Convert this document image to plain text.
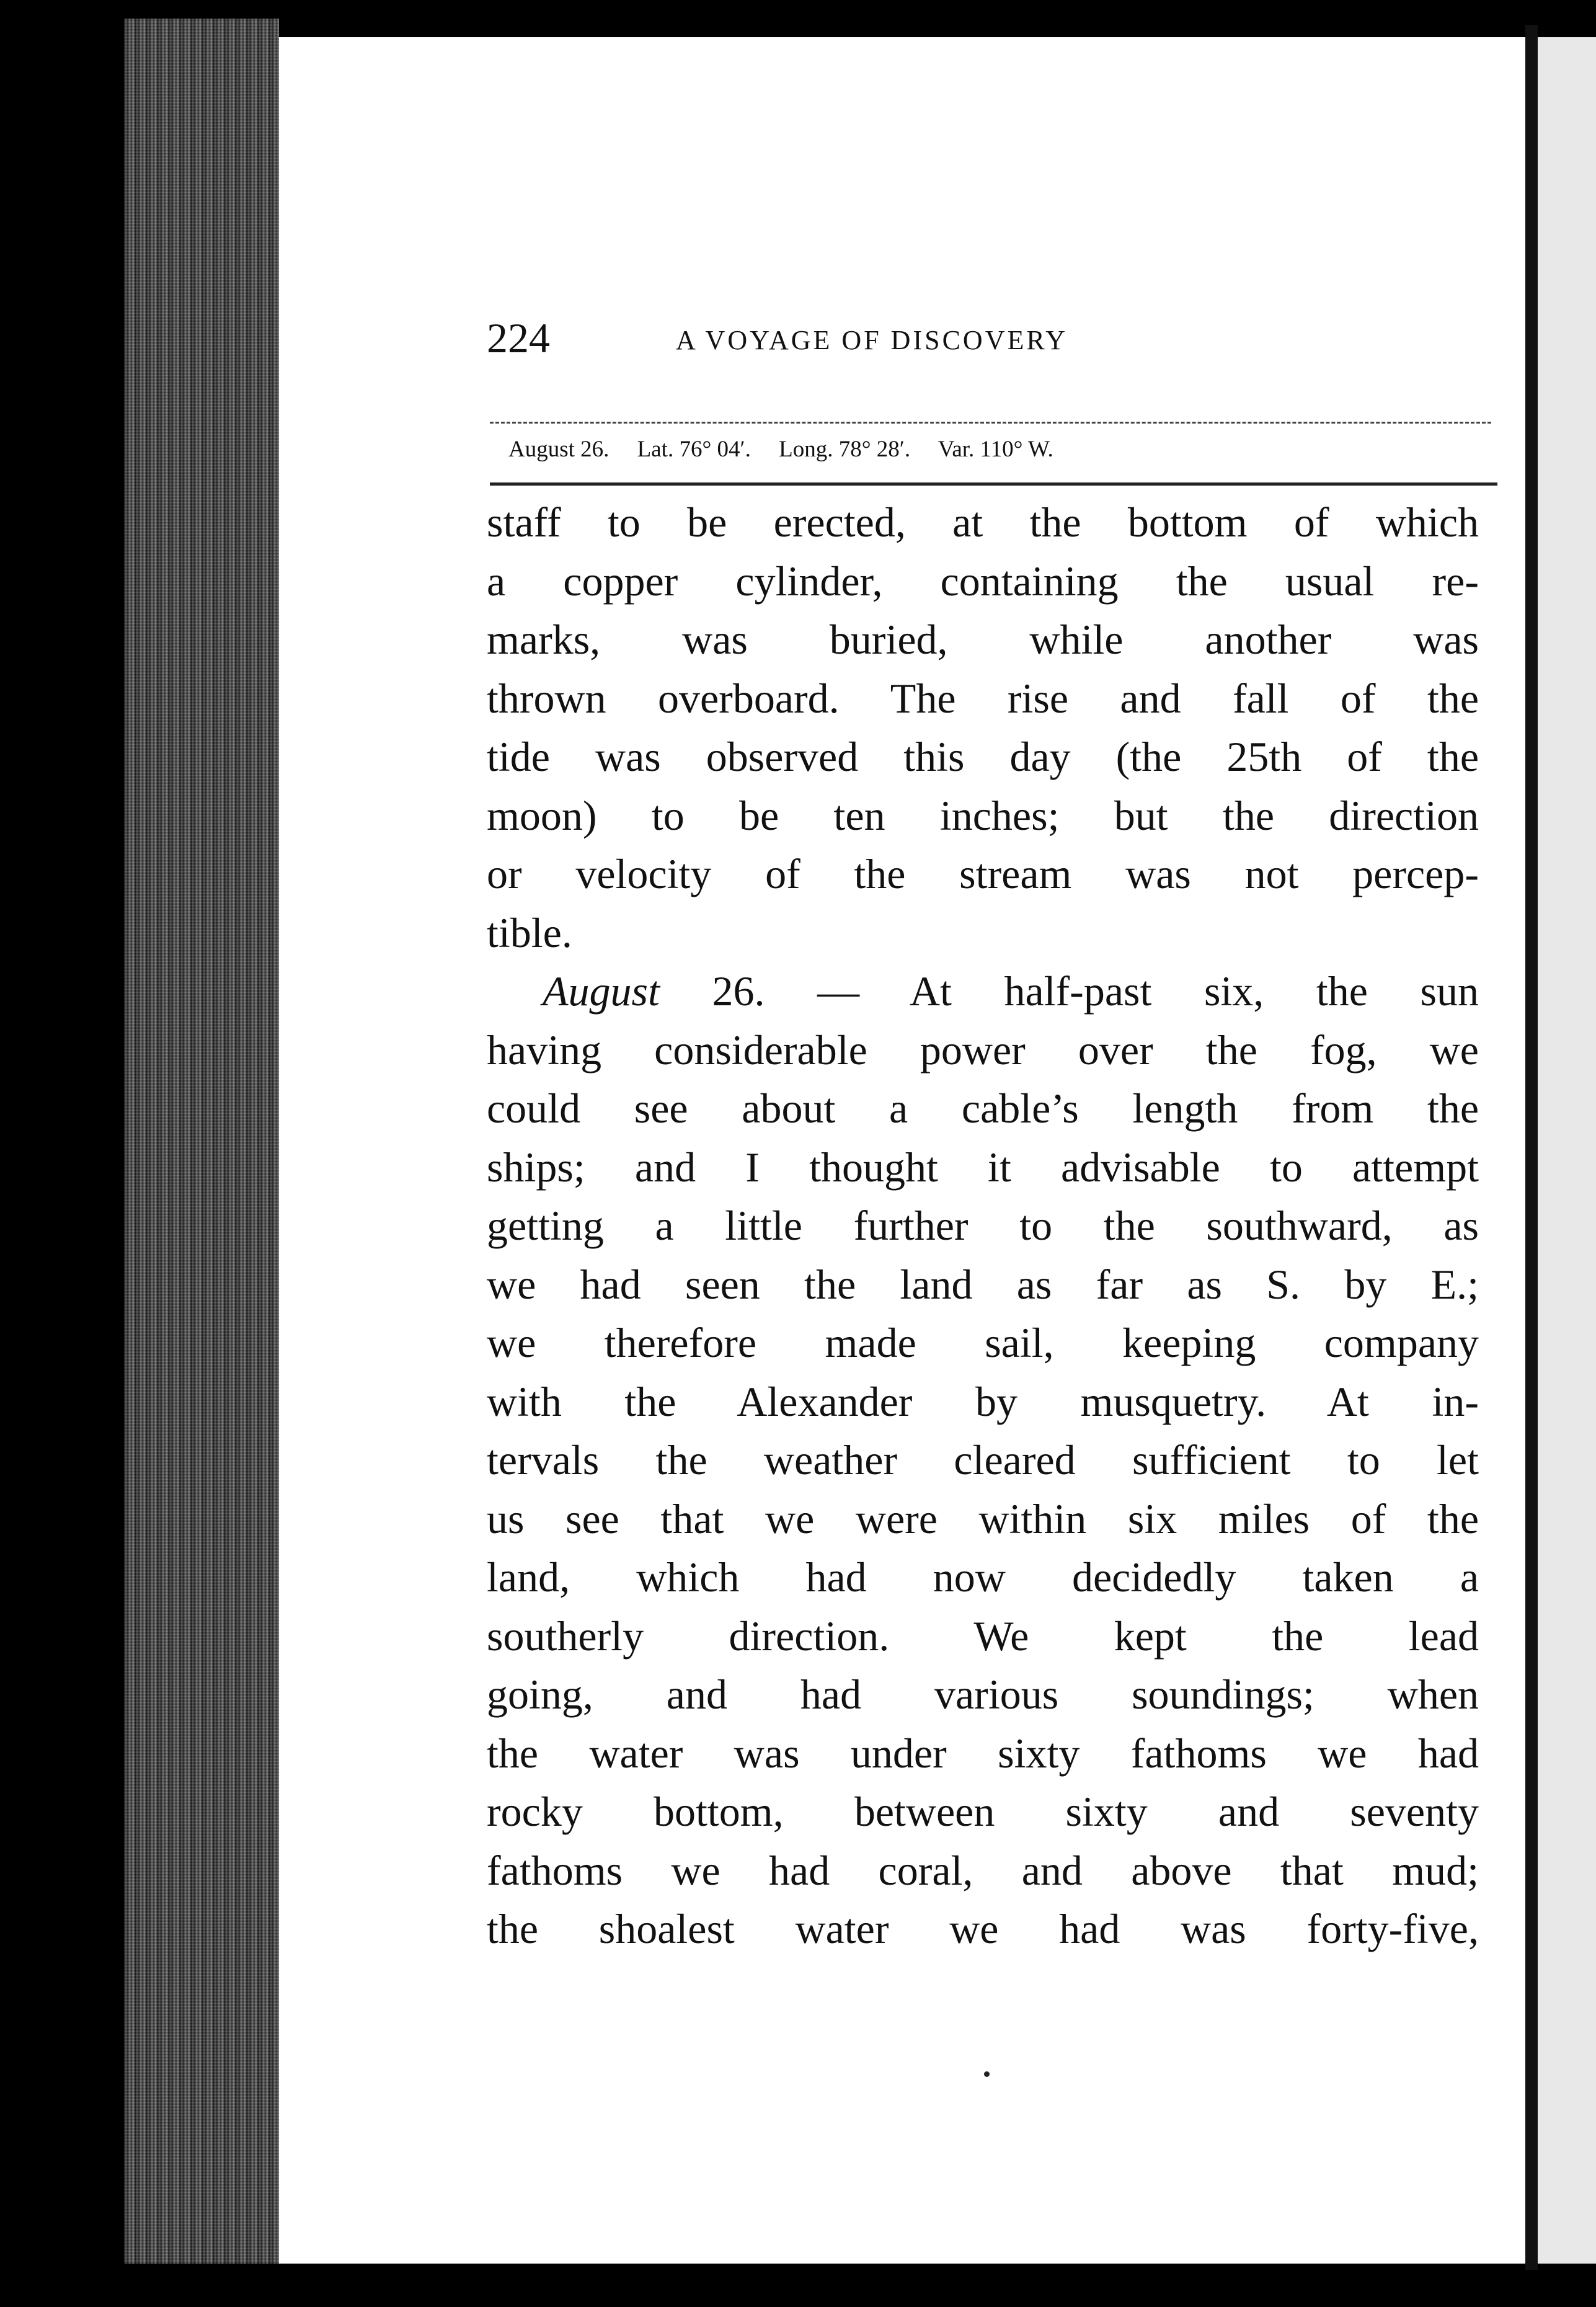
224	A VOYAGE OF DISCOVERY
August 26. Lat. 76° 04′. Long. 78° 28′. Var. 110° W.
staff to be erected, at the bottom of which
a copper cylinder, containing the usual re-
marks, was buried, while another was
thrown overboard. The rise and fall of the
tide was observed this day (the 25th of the
moon) to be ten inches; but the direction
or velocity of the stream was not percep-
tible.
August 26. — At half-past six, the sun
having considerable power over the fog, we
could see about a cable’s length from the
ships; and I thought it advisable to attempt
getting a little further to the southward, as
we had seen the land as far as S. by E.;
we therefore made sail, keeping company
with the Alexander by musquetry. At in-
tervals the weather cleared sufficient to let
us see that we were within six miles of the
land, which had now decidedly taken a
southerly direction. We kept the lead
going, and had various soundings; when
the water was under sixty fathoms we had
rocky bottom, between sixty and seventy
fathoms we had coral, and above that mud;
the shoalest water we had was forty-five,
